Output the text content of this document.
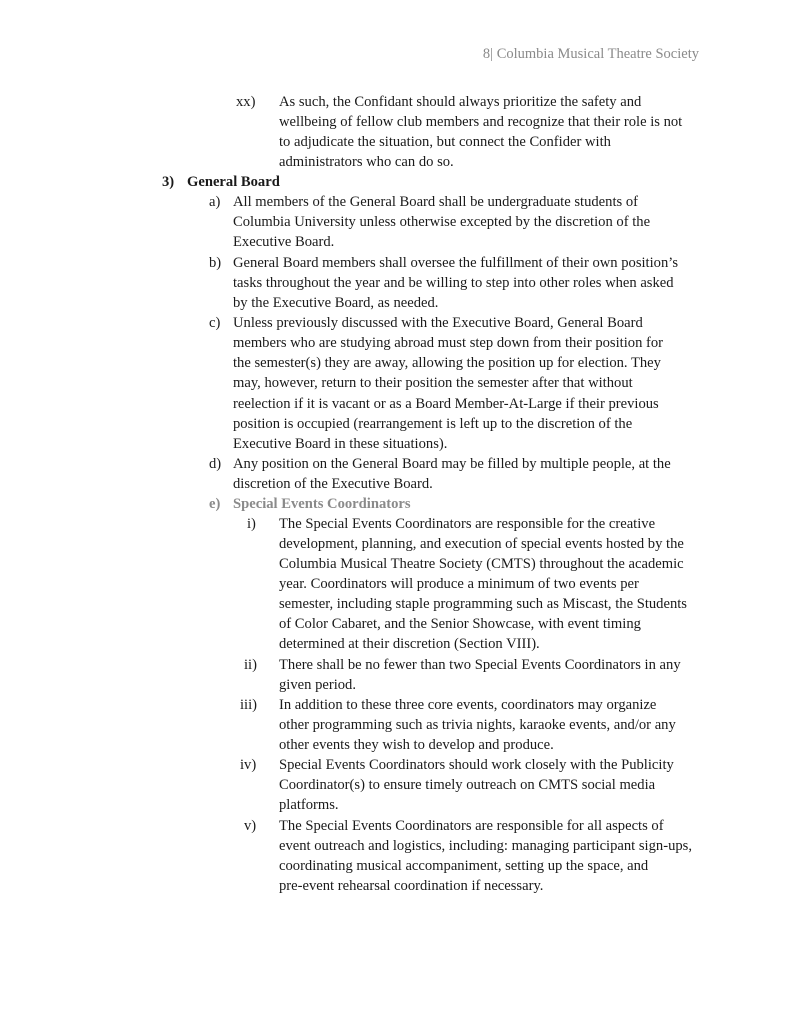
8| Columbia Musical Theatre Society
xx) As such, the Confidant should always prioritize the safety and
wellbeing of fellow club members and recognize that their role is not
to adjudicate the situation, but connect the Confider with
administrators who can do so.
3) General Board
a) All members of the General Board shall be undergraduate students of
Columbia University unless otherwise excepted by the discretion of the
Executive Board.
b) General Board members shall oversee the fulfillment of their own position’s
tasks throughout the year and be willing to step into other roles when asked
by the Executive Board, as needed.
c) Unless previously discussed with the Executive Board, General Board
members who are studying abroad must step down from their position for
the semester(s) they are away, allowing the position up for election. They
may, however, return to their position the semester after that without
reelection if it is vacant or as a Board Member-At-Large if their previous
position is occupied (rearrangement is left up to the discretion of the
Executive Board in these situations).
d) Any position on the General Board may be filled by multiple people, at the
discretion of the Executive Board.
e) Special Events Coordinators
i) The Special Events Coordinators are responsible for the creative
development, planning, and execution of special events hosted by the
Columbia Musical Theatre Society (CMTS) throughout the academic
year. Coordinators will produce a minimum of two events per
semester, including staple programming such as Miscast, the Students
of Color Cabaret, and the Senior Showcase, with event timing
determined at their discretion (Section VIII).
ii) There shall be no fewer than two Special Events Coordinators in any
given period.
iii) In addition to these three core events, coordinators may organize
other programming such as trivia nights, karaoke events, and/or any
other events they wish to develop and produce.
iv) Special Events Coordinators should work closely with the Publicity
Coordinator(s) to ensure timely outreach on CMTS social media
platforms.
v) The Special Events Coordinators are responsible for all aspects of
event outreach and logistics, including: managing participant sign-ups,
coordinating musical accompaniment, setting up the space, and
pre-event rehearsal coordination if necessary.
